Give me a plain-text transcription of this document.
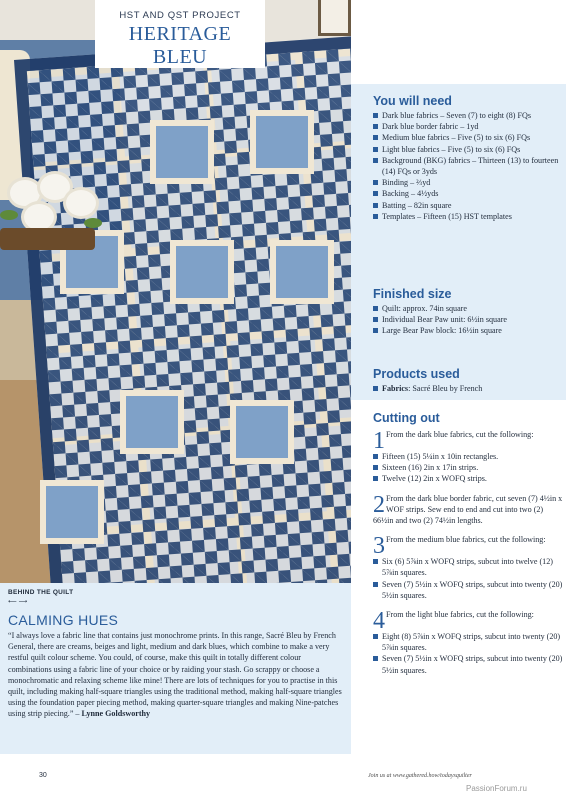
HST AND QST PROJECT
HERITAGE
BLEU
You will need
Dark blue fabrics – Seven (7) to eight (8) FQs
Dark blue border fabric – 1yd
Medium blue fabrics – Five (5) to six (6) FQs
Light blue fabrics – Five (5) to six (6) FQs
Background (BKG) fabrics – Thirteen (13) to fourteen (14) FQs or 3yds
Binding – ⅔yd
Backing – 4½yds
Batting – 82in square
Templates – Fifteen (15) HST templates
Finished size
Quilt: approx. 74in square
Individual Bear Paw unit: 6½in square
Large Bear Paw block: 16½in square
Products used
Fabrics: Sacré Bleu by French
Cutting out
1 From the dark blue fabrics, cut the following:
Fifteen (15) 5¼in x 10in rectangles.
Sixteen (16) 2in x 17in strips.
Twelve (12) 2in x WOFQ strips.
2 From the dark blue border fabric, cut seven (7) 4½in x WOF strips. Sew end to end and cut into two (2) 66½in and two (2) 74½in lengths.
3 From the medium blue fabrics, cut the following:
Six (6) 5⅞in x WOFQ strips, subcut into twelve (12) 5⅞in squares.
Seven (7) 5½in x WOFQ strips, subcut into twenty (20) 5½in squares.
4 From the light blue fabrics, cut the following:
Eight (8) 5⅞in x WOFQ strips, subcut into twenty (20) 5⅞in squares.
Seven (7) 5½in x WOFQ strips, subcut into twenty (20) 5½in squares.
BEHIND THE QUILT
⟵ ⟶
CALMING HUES
“I always love a fabric line that contains just monochrome prints. In this range, Sacré Bleu by French General, there are creams, beiges and light, medium and dark blues, which combine to make a very restful quilt colour scheme. You could, of course, make this quilt in totally different colour combinations using a fabric line of your choice or by raiding your stash. Go scrappy or choose a monochromatic and relaxing scheme like mine! There are lots of techniques for you to practise in this quilt, including making half-square triangles using the traditional method, making half-square triangles using the foundation paper piecing method, making quarter-square triangles and making Nine-patches using strip piecing.” – Lynne Goldsworthy
30	Join us at www.gathered.how/todaysquilter
PassionForum.ru
